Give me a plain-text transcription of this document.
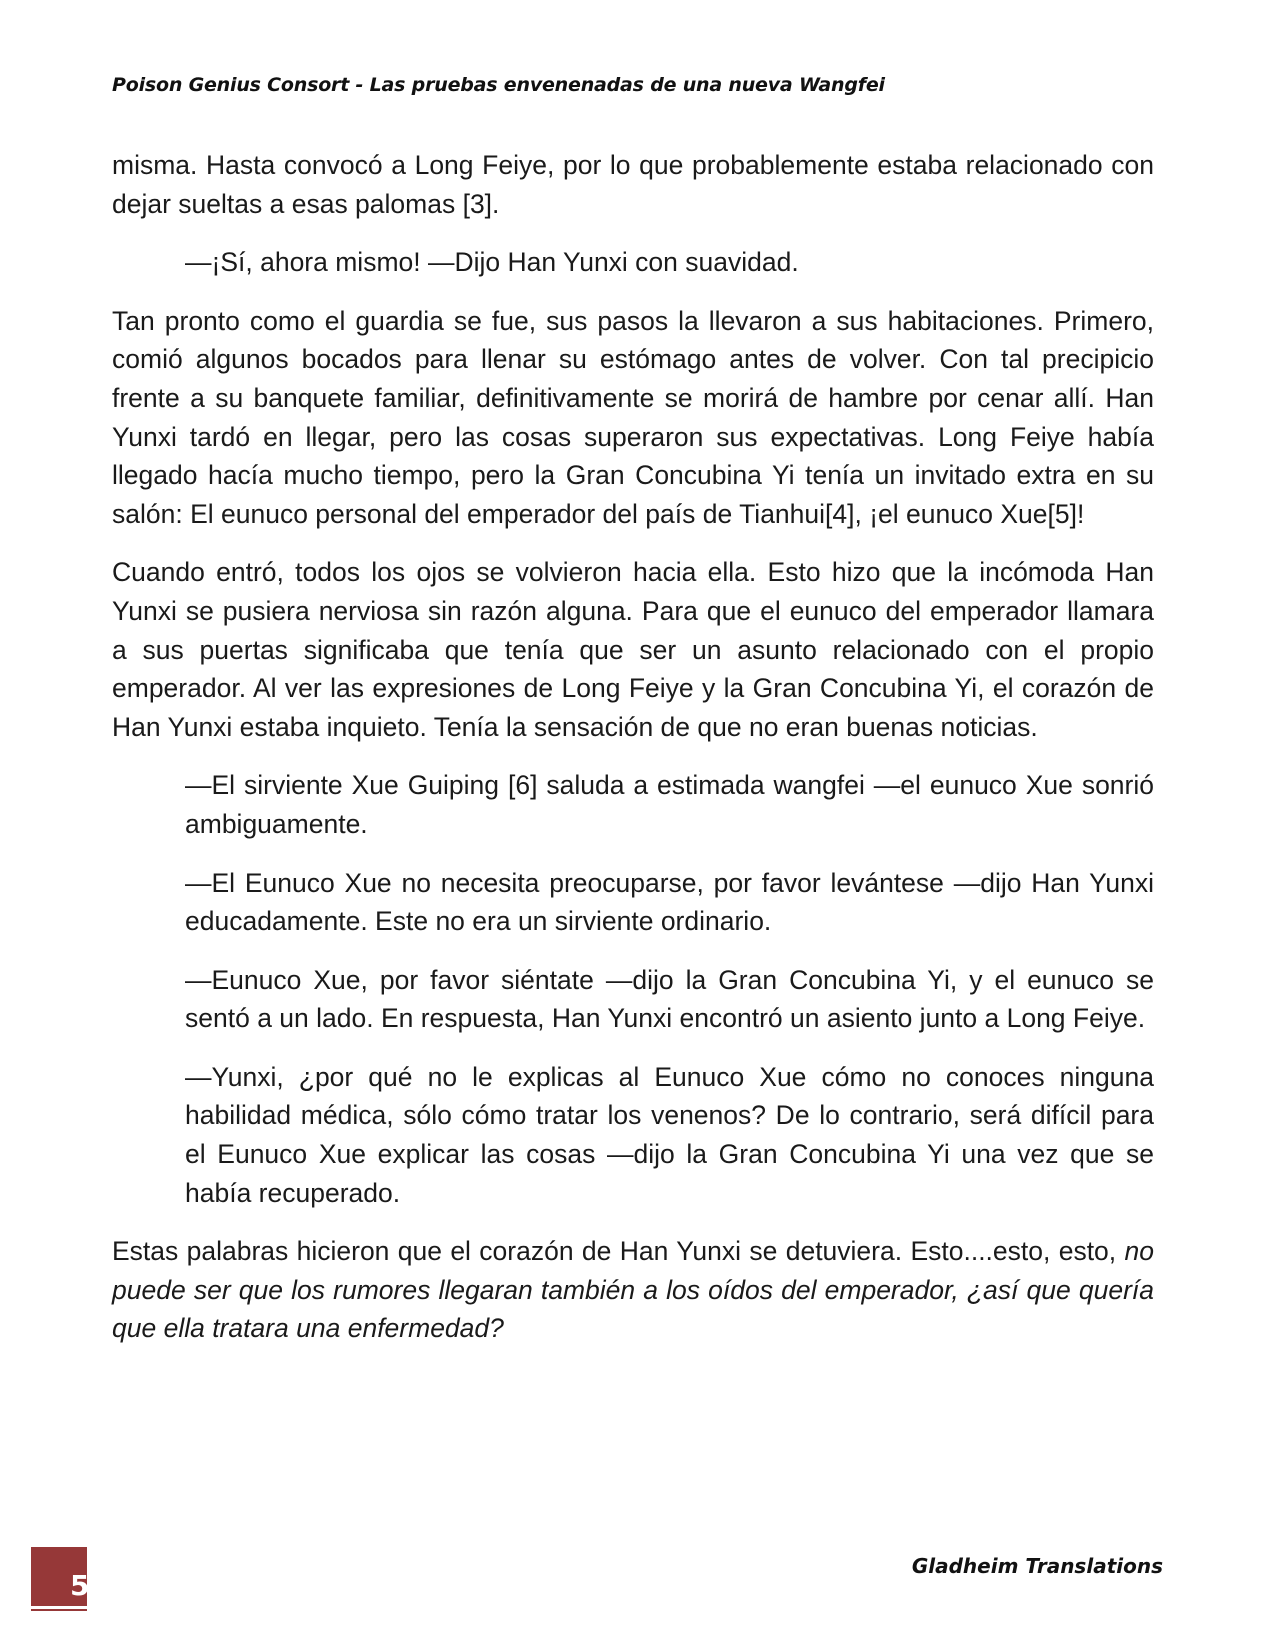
Poison Genius Consort - Las pruebas envenenadas de una nueva Wangfei

misma. Hasta convocó a Long Feiye, por lo que probablemente estaba relacionado con dejar sueltas a esas palomas [3].

—¡Sí, ahora mismo! —Dijo Han Yunxi con suavidad.

Tan pronto como el guardia se fue, sus pasos la llevaron a sus habitaciones. Primero, comió algunos bocados para llenar su estómago antes de volver. Con tal precipicio frente a su banquete familiar, definitivamente se morirá de hambre por cenar allí. Han Yunxi tardó en llegar, pero las cosas superaron sus expectativas. Long Feiye había llegado hacía mucho tiempo, pero la Gran Concubina Yi tenía un invitado extra en su salón: El eunuco personal del emperador del país de Tianhui[4], ¡el eunuco Xue[5]!

Cuando entró, todos los ojos se volvieron hacia ella. Esto hizo que la incómoda Han Yunxi se pusiera nerviosa sin razón alguna. Para que el eunuco del emperador llamara a sus puertas significaba que tenía que ser un asunto relacionado con el propio emperador. Al ver las expresiones de Long Feiye y la Gran Concubina Yi, el corazón de Han Yunxi estaba inquieto. Tenía la sensación de que no eran buenas noticias.

—El sirviente Xue Guiping [6] saluda a estimada wangfei —el eunuco Xue sonrió ambiguamente.

—El Eunuco Xue no necesita preocuparse, por favor levántese —dijo Han Yunxi educadamente. Este no era un sirviente ordinario.

—Eunuco Xue, por favor siéntate —dijo la Gran Concubina Yi, y el eunuco se sentó a un lado. En respuesta, Han Yunxi encontró un asiento junto a Long Feiye.

—Yunxi, ¿por qué no le explicas al Eunuco Xue cómo no conoces ninguna habilidad médica, sólo cómo tratar los venenos? De lo contrario, será difícil para el Eunuco Xue explicar las cosas —dijo la Gran Concubina Yi una vez que se había recuperado.

Estas palabras hicieron que el corazón de Han Yunxi se detuviera. Esto....esto, esto, no puede ser que los rumores llegaran también a los oídos del emperador, ¿así que quería que ella tratara una enfermedad?

5
Gladheim Translations
